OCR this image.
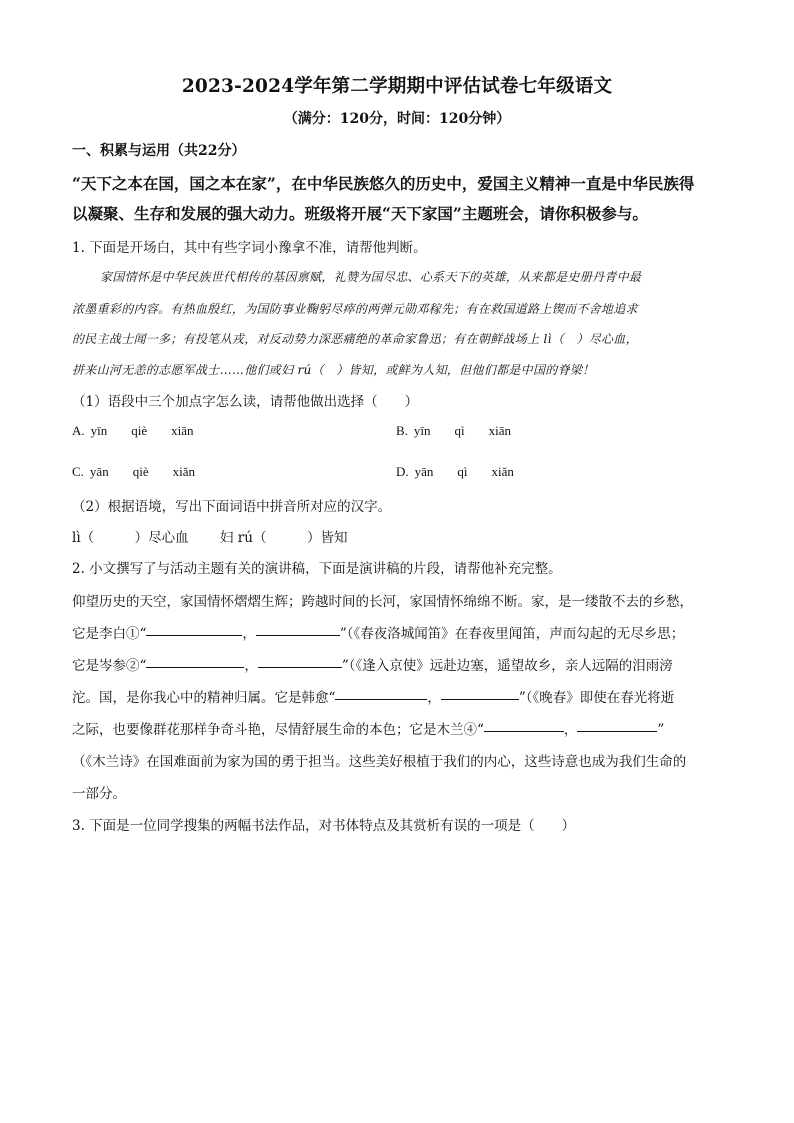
2023-2024学年第二学期期中评估试卷七年级语文
（满分：120分，时间：120分钟）
一、积累与运用（共22分）
“天下之本在国，国之本在家”，在中华民族悠久的历史中，爱国主义精神一直是中华民族得
以凝聚、生存和发展的强大动力。班级将开展“天下家国”主题班会，请你积极参与。
1. 下面是开场白，其中有些字词小豫拿不准，请帮他判断。
家国情怀是中华民族世代相传的基因禀赋，礼赞为国尽忠、心系天下的英雄，从来都是史册丹青中最
浓墨重彩的内容。有热血殷红，为国防事业鞠躬尽瘁的两弹元勋邓稼先；有在救国道路上锲而不舍地追求
的民主战士闻一多；有投笔从戎，对反动势力深恶痛绝的革命家鲁迅；有在朝鲜战场上 lì（　）尽心血，
拼来山河无恙的志愿军战士……他们或妇 rú（　）皆知，或鲜为人知，但他们都是中国的脊梁！
（1）语段中三个加点字怎么读，请帮他做出选择（　　）
A. yīn qiè xiān	B. yīn qì xiān
C. yān qiè xiǎn	D. yān qì xiǎn
（2）根据语境，写出下面词语中拼音所对应的汉字。
lì（　　　）尽心血 妇 rú（　　　）皆知
2. 小文撰写了与活动主题有关的演讲稿，下面是演讲稿的片段，请帮他补充完整。
仰望历史的天空，家国情怀熠熠生辉；跨越时间的长河，家国情怀绵绵不断。家，是一缕散不去的乡愁，
它是李白①“	，	”（《春夜洛城闻笛》在春夜里闻笛，声而勾起的无尽乡思；
它是岑参②“	，	”（《逢入京使》远赴边塞，遥望故乡，亲人远隔的泪雨滂
沱。国，是你我心中的精神归属。它是韩愈“	，	”（《晚春》即使在春光将逝
之际，也要像群花那样争奇斗艳，尽情舒展生命的本色；它是木兰④“	，	”
（《木兰诗》在国难面前为家为国的勇于担当。这些美好根植于我们的内心，这些诗意也成为我们生命的
一部分。
3. 下面是一位同学搜集的两幅书法作品，对书体特点及其赏析有误的一项是（　　）
